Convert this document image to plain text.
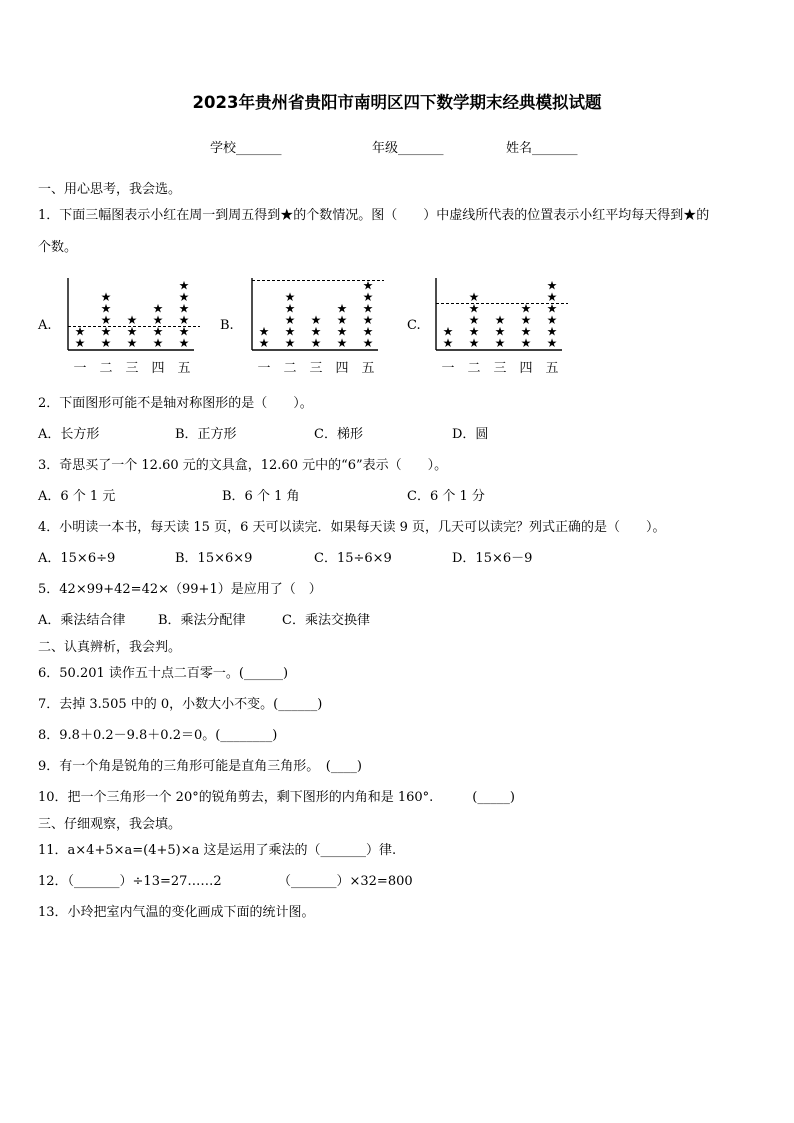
2023年贵州省贵阳市南明区四下数学期末经典模拟试题
学校_______	年级_______	姓名_______
一、用心思考，我会选。
1．下面三幅图表示小红在周一到周五得到★的个数情况。图（　　）中虚线所代表的位置表示小红平均每天得到★的
个数。
A.
★
★
一
★
★
★
★
★
二
★
★
★
三
★
★
★
★
四
★
★
★
★
★
★
五
B.
★
★
一
★
★
★
★
★
二
★
★
★
三
★
★
★
★
四
★
★
★
★
★
★
五
C.
★
★
一
★
★
★
★
★
二
★
★
★
三
★
★
★
★
四
★
★
★
★
★
★
五
2．下面图形可能不是轴对称图形的是（　　）。
A．长方形	B．正方形	C．梯形	D．圆
3．奇思买了一个 12.60 元的文具盒，12.60 元中的“6”表示（　　）。
A．6 个 1 元	B．6 个 1 角	C．6 个 1 分
4．小明读一本书，每天读 15 页，6 天可以读完．如果每天读 9 页，几天可以读完？列式正确的是（　　）。
A．15×6÷9	B．15×6×9	C．15÷6×9	D．15×6－9
5．42×99+42=42×（99+1）是应用了（　）
A．乘法结合律	B．乘法分配律	C．乘法交换律
二、认真辨析，我会判。
6．50.201 读作五十点二百零一。(______)
7．去掉 3.505 中的 0，小数大小不变。(______)
8．9.8＋0.2－9.8＋0.2＝0。(________)
9．有一个角是锐角的三角形可能是直角三角形。　(____)
10．把一个三角形一个 20°的锐角剪去，剩下图形的内角和是 160°.　　　(_____)
三、仔细观察，我会填。
11．a×4+5×a=(4+5)×a 这是运用了乘法的（_______）律.
12．（_______）÷13=27……2	（_______）×32=800
13．小玲把室内气温的变化画成下面的统计图。
